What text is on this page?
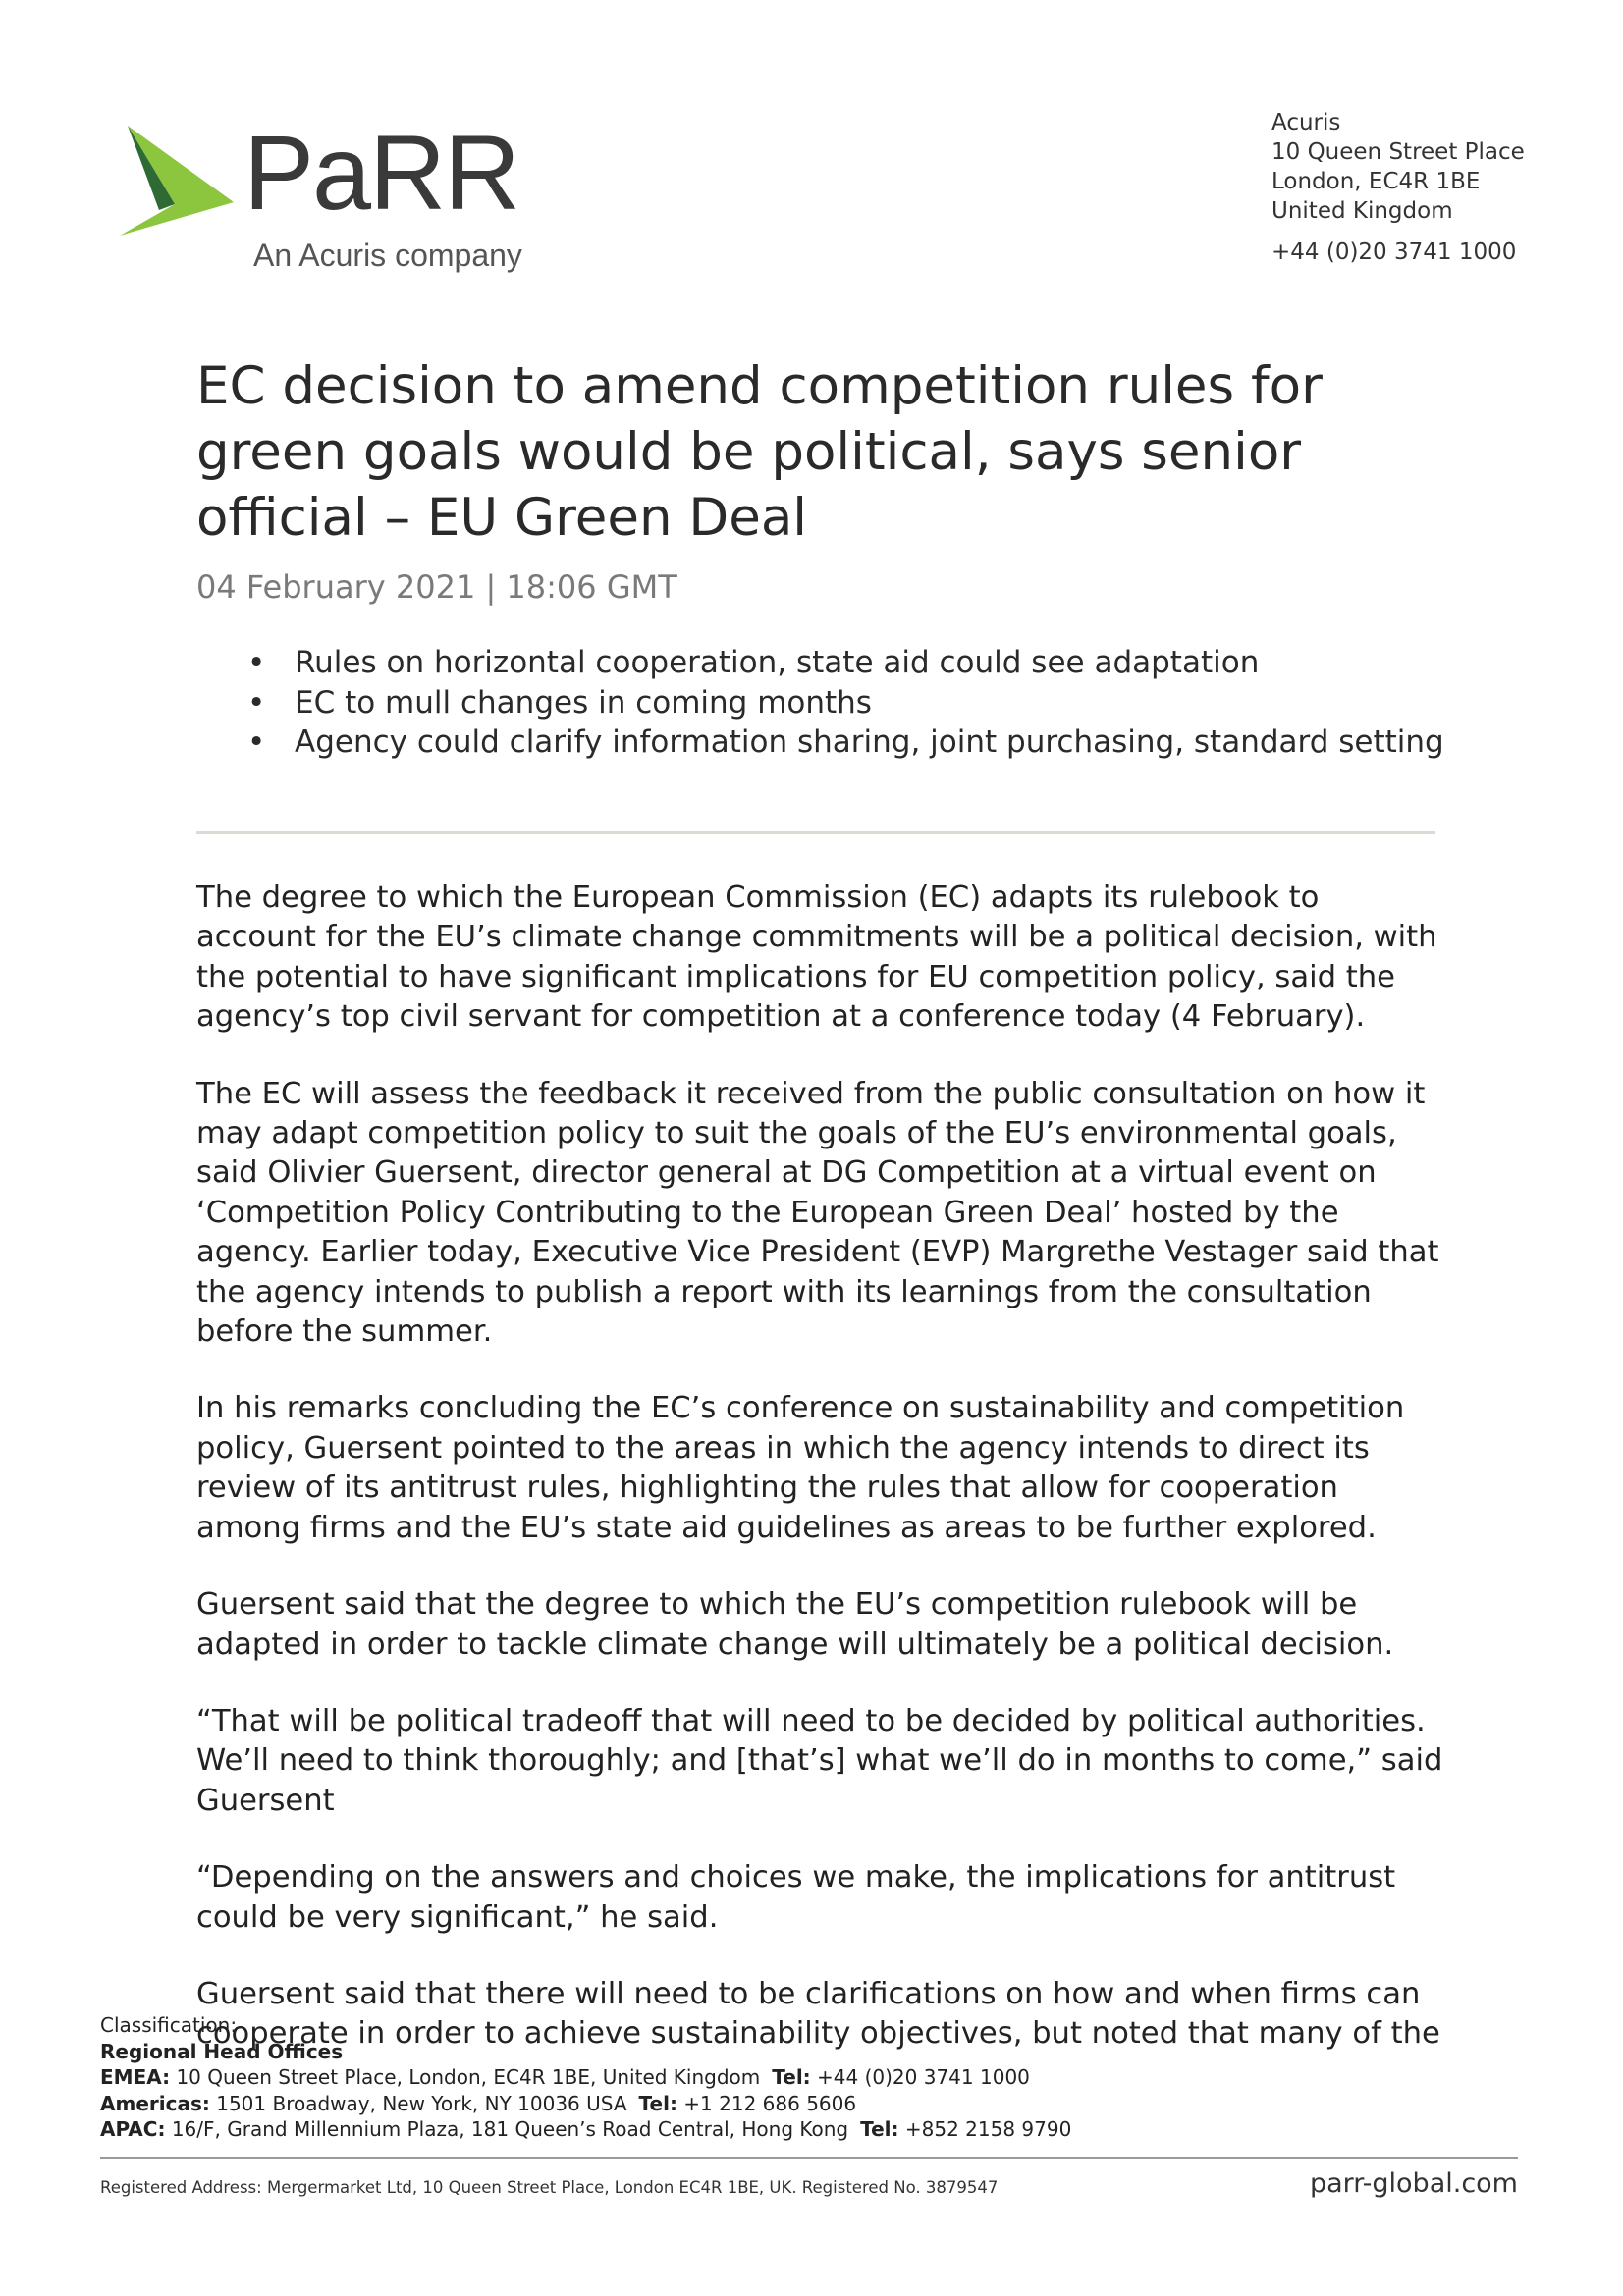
PaRR
An Acuris company
Acuris
10 Queen Street Place
London, EC4R 1BE
United Kingdom
+44 (0)20 3741 1000
EC decision to amend competition rules for green goals would be political, says senior official – EU Green Deal
04 February 2021 | 18:06 GMT
• Rules on horizontal cooperation, state aid could see adaptation
• EC to mull changes in coming months
• Agency could clarify information sharing, joint purchasing, standard setting

The degree to which the European Commission (EC) adapts its rulebook to account for the EU’s climate change commitments will be a political decision, with the potential to have significant implications for EU competition policy, said the agency’s top civil servant for competition at a conference today (4 February).

The EC will assess the feedback it received from the public consultation on how it may adapt competition policy to suit the goals of the EU’s environmental goals, said Olivier Guersent, director general at DG Competition at a virtual event on ‘Competition Policy Contributing to the European Green Deal’ hosted by the agency. Earlier today, Executive Vice President (EVP) Margrethe Vestager said that the agency intends to publish a report with its learnings from the consultation before the summer.

In his remarks concluding the EC’s conference on sustainability and competition policy, Guersent pointed to the areas in which the agency intends to direct its review of its antitrust rules, highlighting the rules that allow for cooperation among firms and the EU’s state aid guidelines as areas to be further explored.

Guersent said that the degree to which the EU’s competition rulebook will be adapted in order to tackle climate change will ultimately be a political decision.

“That will be political tradeoff that will need to be decided by political authorities. We’ll need to think thoroughly; and [that’s] what we’ll do in months to come,” said Guersent

“Depending on the answers and choices we make, the implications for antitrust could be very significant,” he said.

Guersent said that there will need to be clarifications on how and when firms can cooperate in order to achieve sustainability objectives, but noted that many of the

Classification:
Regional Head Offices
EMEA: 10 Queen Street Place, London, EC4R 1BE, United Kingdom Tel: +44 (0)20 3741 1000
Americas: 1501 Broadway, New York, NY 10036 USA Tel: +1 212 686 5606
APAC: 16/F, Grand Millennium Plaza, 181 Queen’s Road Central, Hong Kong Tel: +852 2158 9790
Registered Address: Mergermarket Ltd, 10 Queen Street Place, London EC4R 1BE, UK. Registered No. 3879547	parr-global.com
